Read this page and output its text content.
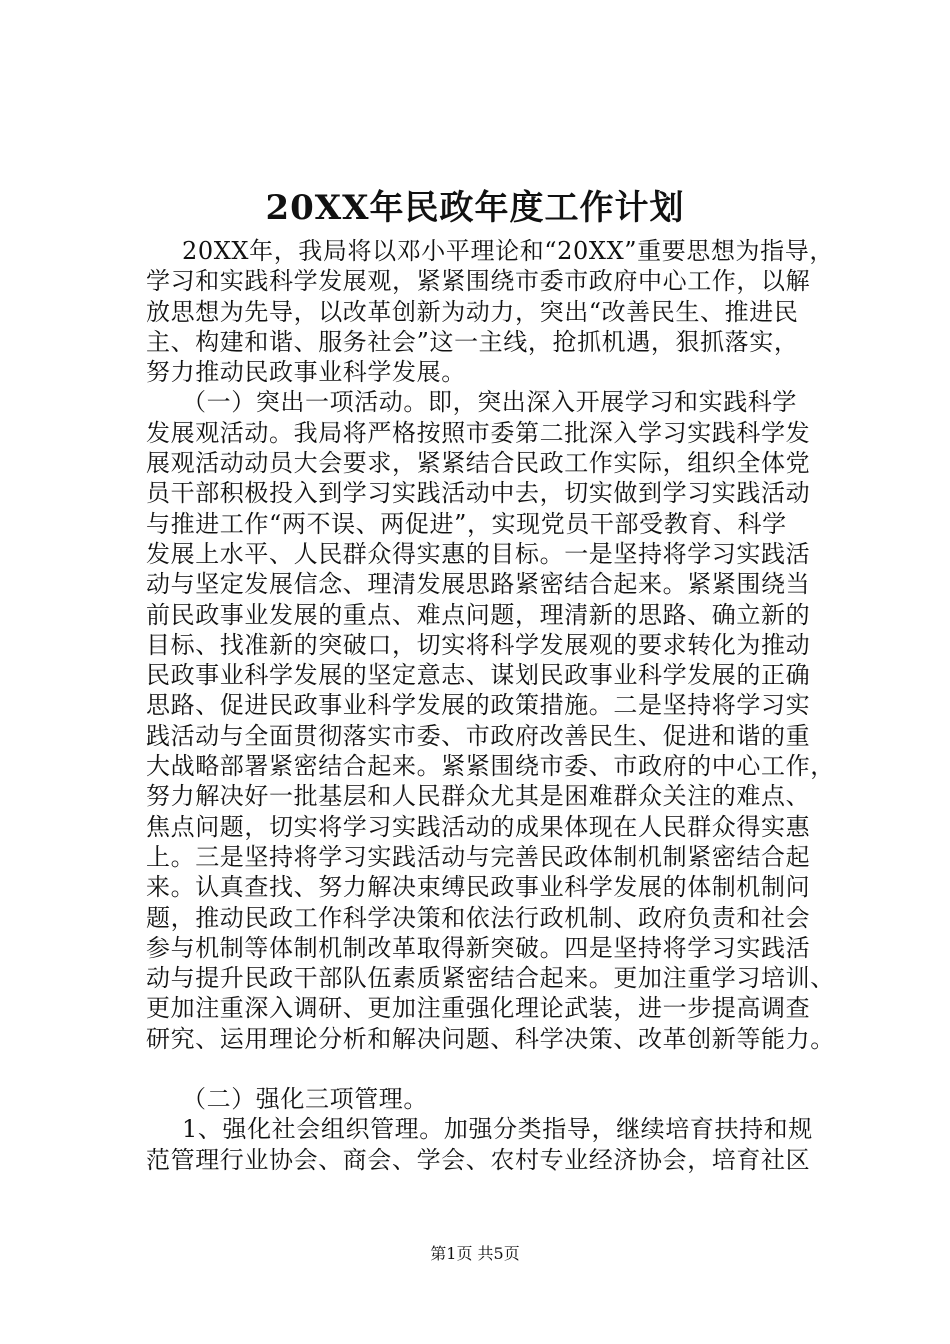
20XX年民政年度工作计划
20XX年，我局将以邓小平理论和“20XX”重要思想为指导，
学习和实践科学发展观，紧紧围绕市委市政府中心工作，以解
放思想为先导，以改革创新为动力，突出“改善民生、推进民
主、构建和谐、服务社会”这一主线，抢抓机遇，狠抓落实，
努力推动民政事业科学发展。
（一）突出一项活动。即，突出深入开展学习和实践科学
发展观活动。我局将严格按照市委第二批深入学习实践科学发
展观活动动员大会要求，紧紧结合民政工作实际，组织全体党
员干部积极投入到学习实践活动中去，切实做到学习实践活动
与推进工作“两不误、两促进”，实现党员干部受教育、科学
发展上水平、人民群众得实惠的目标。一是坚持将学习实践活
动与坚定发展信念、理清发展思路紧密结合起来。紧紧围绕当
前民政事业发展的重点、难点问题，理清新的思路、确立新的
目标、找准新的突破口，切实将科学发展观的要求转化为推动
民政事业科学发展的坚定意志、谋划民政事业科学发展的正确
思路、促进民政事业科学发展的政策措施。二是坚持将学习实
践活动与全面贯彻落实市委、市政府改善民生、促进和谐的重
大战略部署紧密结合起来。紧紧围绕市委、市政府的中心工作，
努力解决好一批基层和人民群众尤其是困难群众关注的难点、
焦点问题，切实将学习实践活动的成果体现在人民群众得实惠
上。三是坚持将学习实践活动与完善民政体制机制紧密结合起
来。认真查找、努力解决束缚民政事业科学发展的体制机制问
题，推动民政工作科学决策和依法行政机制、政府负责和社会
参与机制等体制机制改革取得新突破。四是坚持将学习实践活
动与提升民政干部队伍素质紧密结合起来。更加注重学习培训、
更加注重深入调研、更加注重强化理论武装，进一步提高调查
研究、运用理论分析和解决问题、科学决策、改革创新等能力。
（二）强化三项管理。
1、强化社会组织管理。加强分类指导，继续培育扶持和规
范管理行业协会、商会、学会、农村专业经济协会，培育社区
第1页 共5页
